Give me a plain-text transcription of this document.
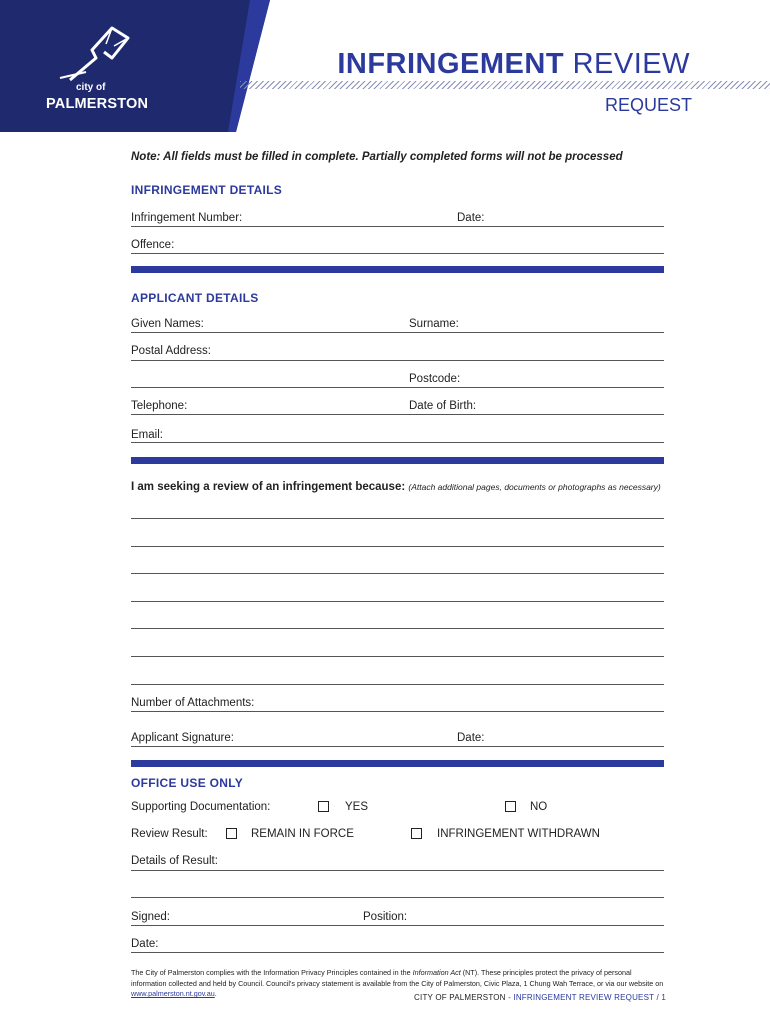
city of
PALMERSTON
INFRINGEMENT REVIEW
REQUEST
Note: All fields must be filled in complete. Partially completed forms will not be processed
INFRINGEMENT DETAILS
Infringement Number:	Date:
Offence:
APPLICANT DETAILS
Given Names:	Surname:
Postal Address:
Postcode:
Telephone:	Date of Birth:
Email:
I am seeking a review of an infringement because: (Attach additional pages, documents or photographs as necessary)
Number of Attachments:
Applicant Signature:	Date:
OFFICE USE ONLY
Supporting Documentation:	YES	NO
Review Result:	REMAIN IN FORCE	INFRINGEMENT WITHDRAWN
Details of Result:
Signed:	Position:
Date:
The City of Palmerston complies with the Information Privacy Principles contained in the Information Act (NT). These principles protect the privacy of personal information collected and held by Council. Council's privacy statement is available from the City of Palmerston, Civic Plaza, 1 Chung Wah Terrace, or via our website on www.palmerston.nt.gov.au.	CITY OF PALMERSTON - INFRINGEMENT REVIEW REQUEST / 1
